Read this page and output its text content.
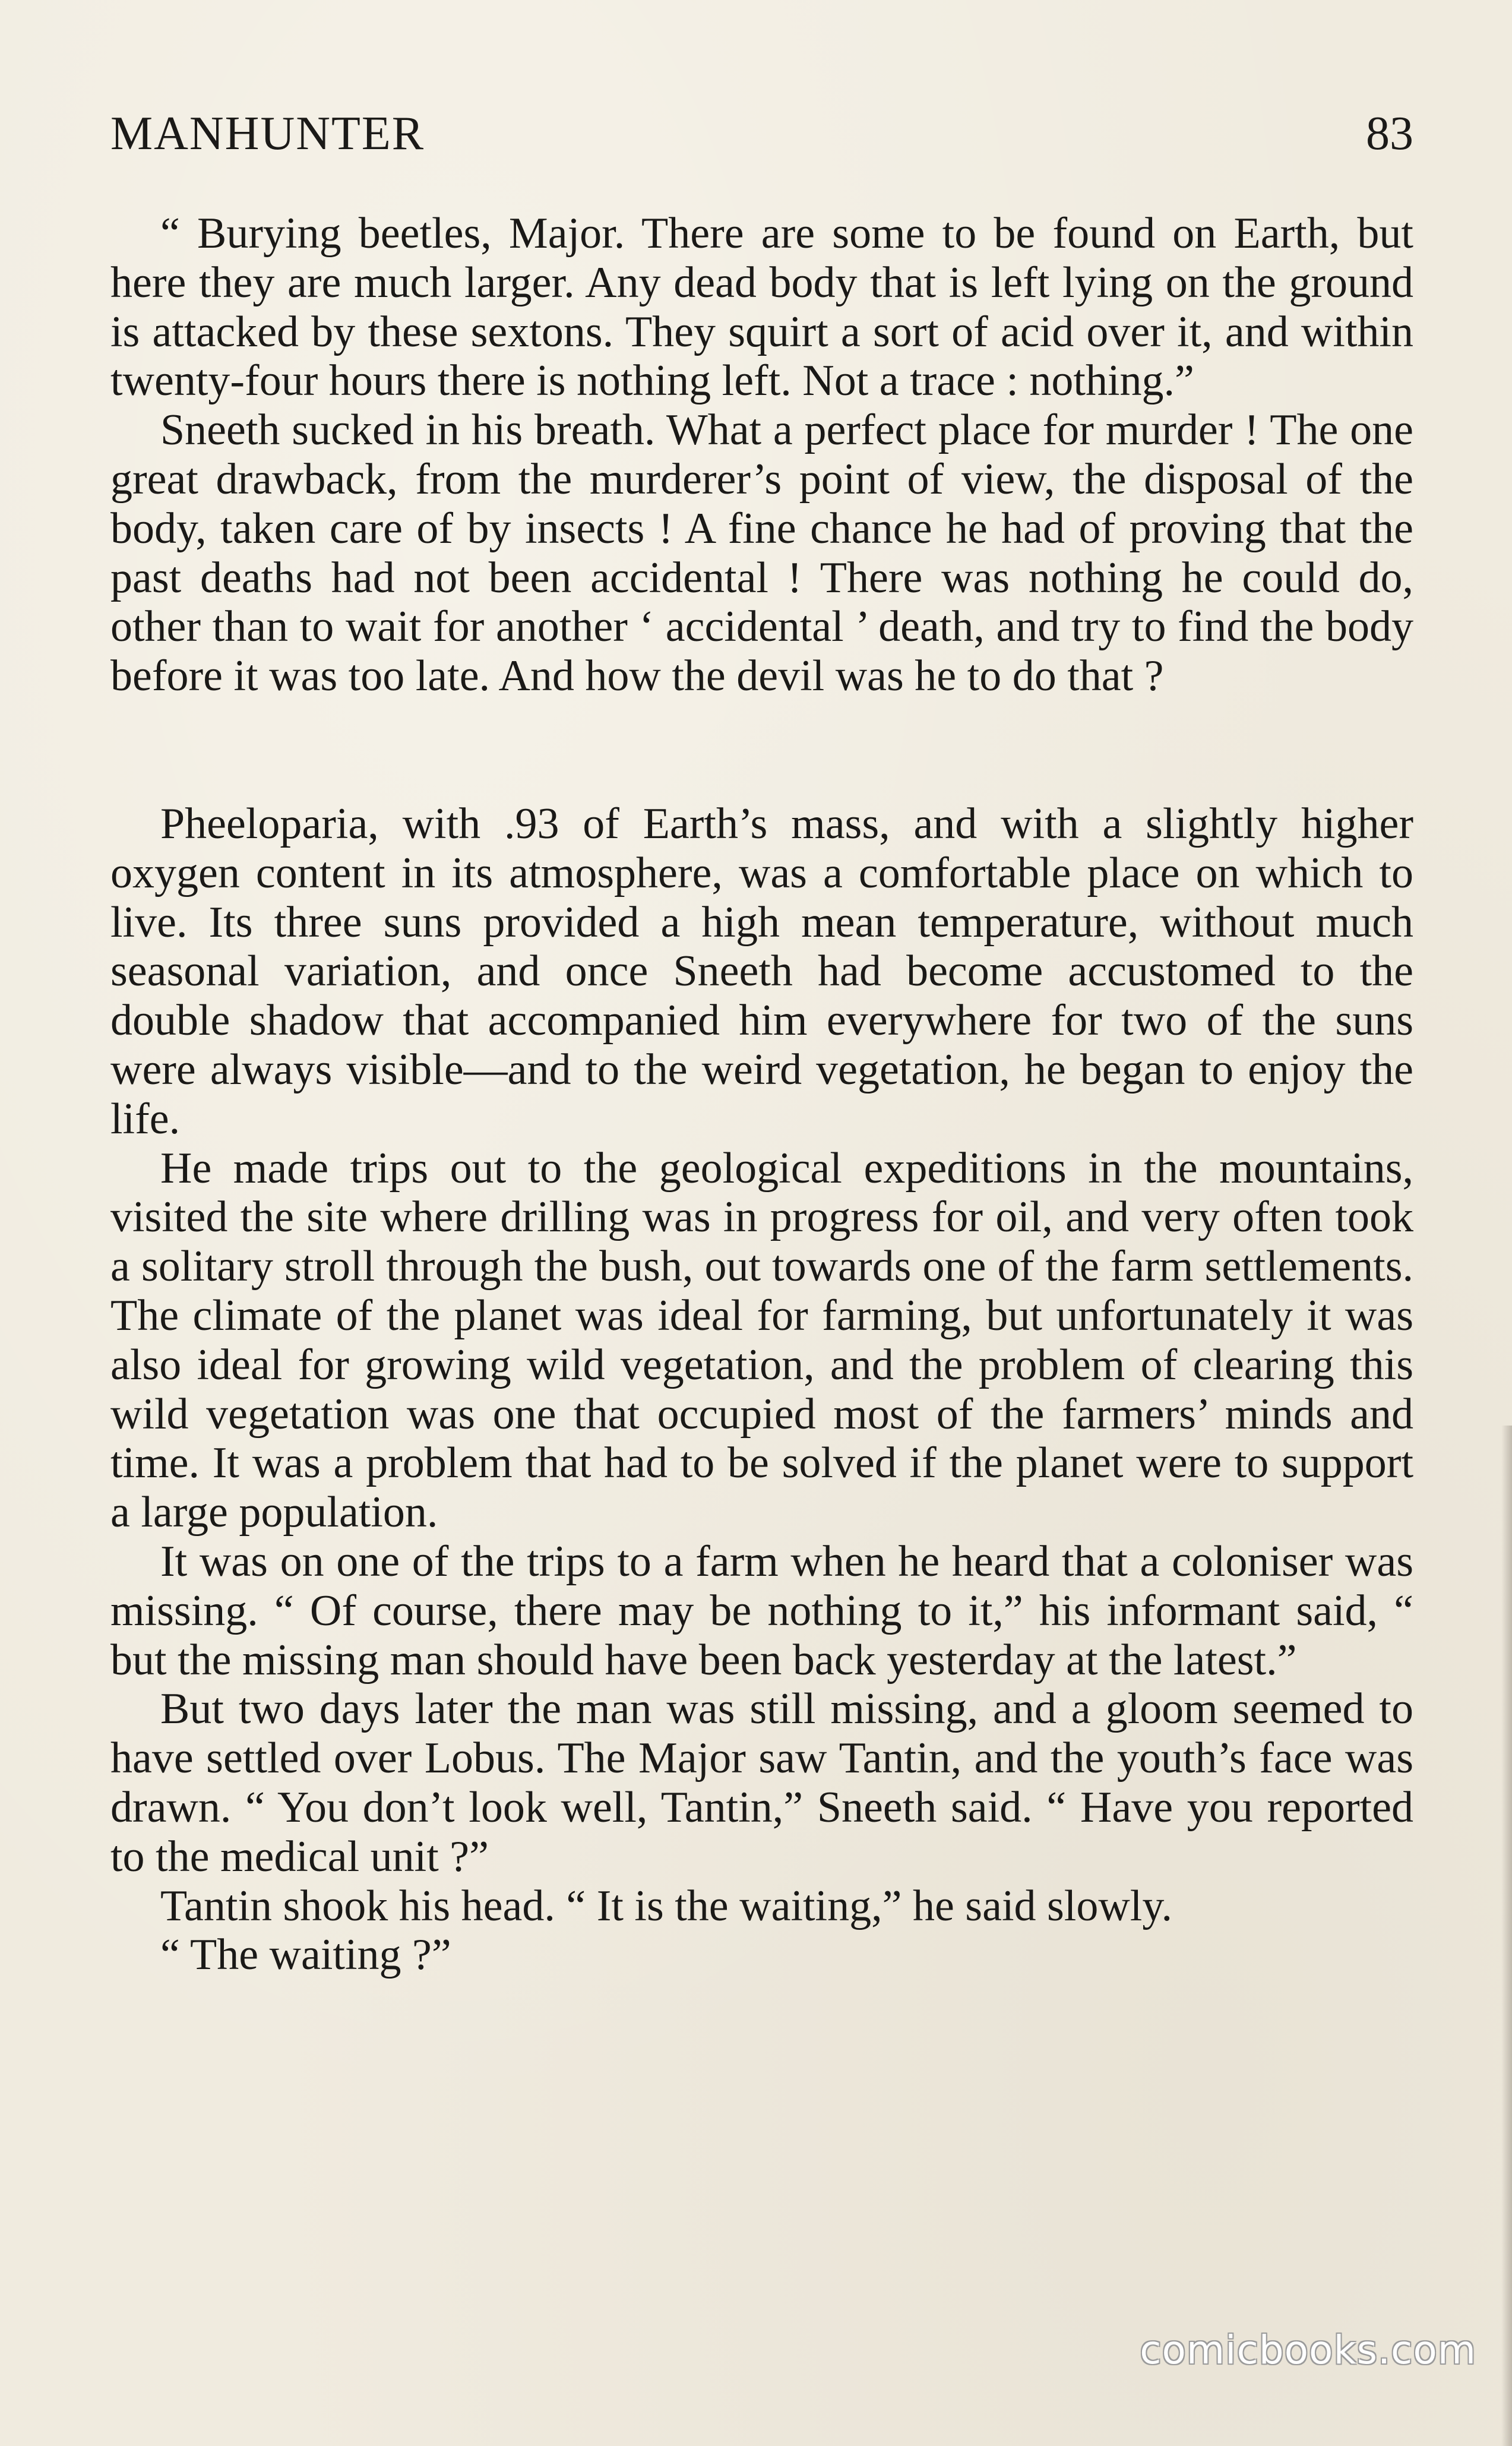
MANHUNTER	83

“ Burying beetles, Major. There are some to be found on Earth, but here they are much larger. Any dead body that is left lying on the ground is attacked by these sextons. They squirt a sort of acid over it, and within twenty-four hours there is nothing left. Not a trace : nothing.”

Sneeth sucked in his breath. What a perfect place for murder ! The one great drawback, from the murderer’s point of view, the disposal of the body, taken care of by insects ! A fine chance he had of proving that the past deaths had not been accidental ! There was nothing he could do, other than to wait for another ‘ accidental ’ death, and try to find the body before it was too late. And how the devil was he to do that ?

Pheeloparia, with .93 of Earth’s mass, and with a slightly higher oxygen content in its atmosphere, was a comfortable place on which to live. Its three suns provided a high mean temperature, without much seasonal variation, and once Sneeth had become accustomed to the double shadow that accompanied him everywhere for two of the suns were always visible—and to the weird vegetation, he began to enjoy the life.

He made trips out to the geological expeditions in the mountains, visited the site where drilling was in progress for oil, and very often took a solitary stroll through the bush, out towards one of the farm settlements. The climate of the planet was ideal for farming, but unfortunately it was also ideal for growing wild vegetation, and the problem of clearing this wild vegetation was one that occupied most of the farmers’ minds and time. It was a problem that had to be solved if the planet were to support a large population.

It was on one of the trips to a farm when he heard that a coloniser was missing. “ Of course, there may be nothing to it,” his informant said, “ but the missing man should have been back yesterday at the latest.”

But two days later the man was still missing, and a gloom seemed to have settled over Lobus. The Major saw Tantin, and the youth’s face was drawn. “ You don’t look well, Tantin,” Sneeth said. “ Have you reported to the medical unit ?”

Tantin shook his head. “ It is the waiting,” he said slowly.

“ The waiting ?”

comicbooks.com
